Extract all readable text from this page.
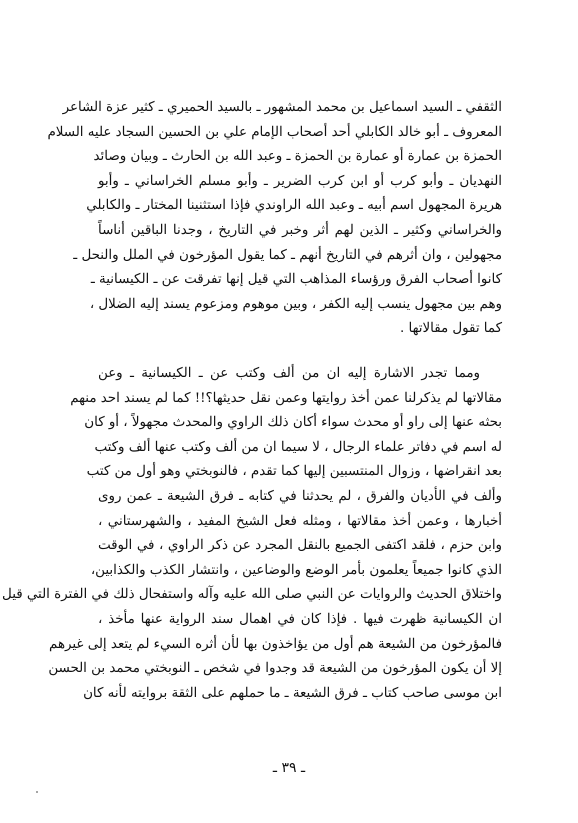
الثقفي ـ السيد اسماعيل بن محمد المشهور ـ بالسيد الحميري ـ كثير عزة الشاعر
المعروف ـ أبو خالد الكابلي أحد أصحاب الإمام علي بن الحسين السجاد عليه السلام
الحمزة بن عمارة أو عمارة بن الحمزة ـ وعبد الله بن الحارث ـ وبيان وصائد
النهديان ـ وأبو كرب أو ابن كرب الضرير ـ وأبو مسلم الخراساني ـ وأبو
هريرة المجهول اسم أبيه ـ وعبد الله الراوندي فإذا استثنينا المختار ـ والكابلي
والخراساني وكثير ـ الذين لهم أثر وخبر في التاريخ ، وجدنا الباقين أناساً
مجهولين ، وان أثرهم في التاريخ أنهم ـ كما يقول المؤرخون في الملل والنحل ـ
كانوا أصحاب الفرق ورؤساء المذاهب التي قيل إنها تفرقت عن ـ الكيسانية ـ
وهم بين مجهول ينسب إليه الكفر ، وبين موهوم ومزعوم يسند إليه الضلال ،
كما تقول مقالاتها .
ومما تجدر الاشارة إليه ان من ألف وكتب عن ـ الكيسانية ـ وعن
مقالاتها لم يذكرلنا عمن أخذ روايتها وعمن نقل حديثها؟!! كما لم يسند احد منهم
بحثه عنها إلى راو أو محدث سواء أكان ذلك الراوي والمحدث مجهولاً ، أو كان
له اسم في دفاتر علماء الرجال ، لا سيما ان من ألف وكتب عنها ألف وكتب
بعد انقراضها ، وزوال المنتسبين إليها كما تقدم ، فالنوبختي وهو أول من كتب
وألف في الأديان والفرق ، لم يحدثنا في كتابه ـ فرق الشيعة ـ عمن روى
أخبارها ، وعمن أخذ مقالاتها ، ومثله فعل الشيخ المفيد ، والشهرستاني ،
وابن حزم ، فلقد اكتفى الجميع بالنقل المجرد عن ذكر الراوي ، في الوقت
الذي كانوا جميعاً يعلمون بأمر الوضع والوضاعين ، وانتشار الكذب والكذابين،
واختلاق الحديث والروايات عن النبي صلى الله عليه وآله واستفحال ذلك في الفترة التي قيل
ان الكيسانية ظهرت فيها . فإذا كان في اهمال سند الرواية عنها مأخذ ،
فالمؤرخون من الشيعة هم أول من يؤاخذون بها لأن أثره السيء لم يتعد إلى غيرهم
إلا أن يكون المؤرخون من الشيعة قد وجدوا في شخص ـ النوبختي محمد بن الحسن
ابن موسى صاحب كتاب ـ فرق الشيعة ـ ما حملهم على الثقة بروايته لأنه كان
ـ ٣٩ ـ
